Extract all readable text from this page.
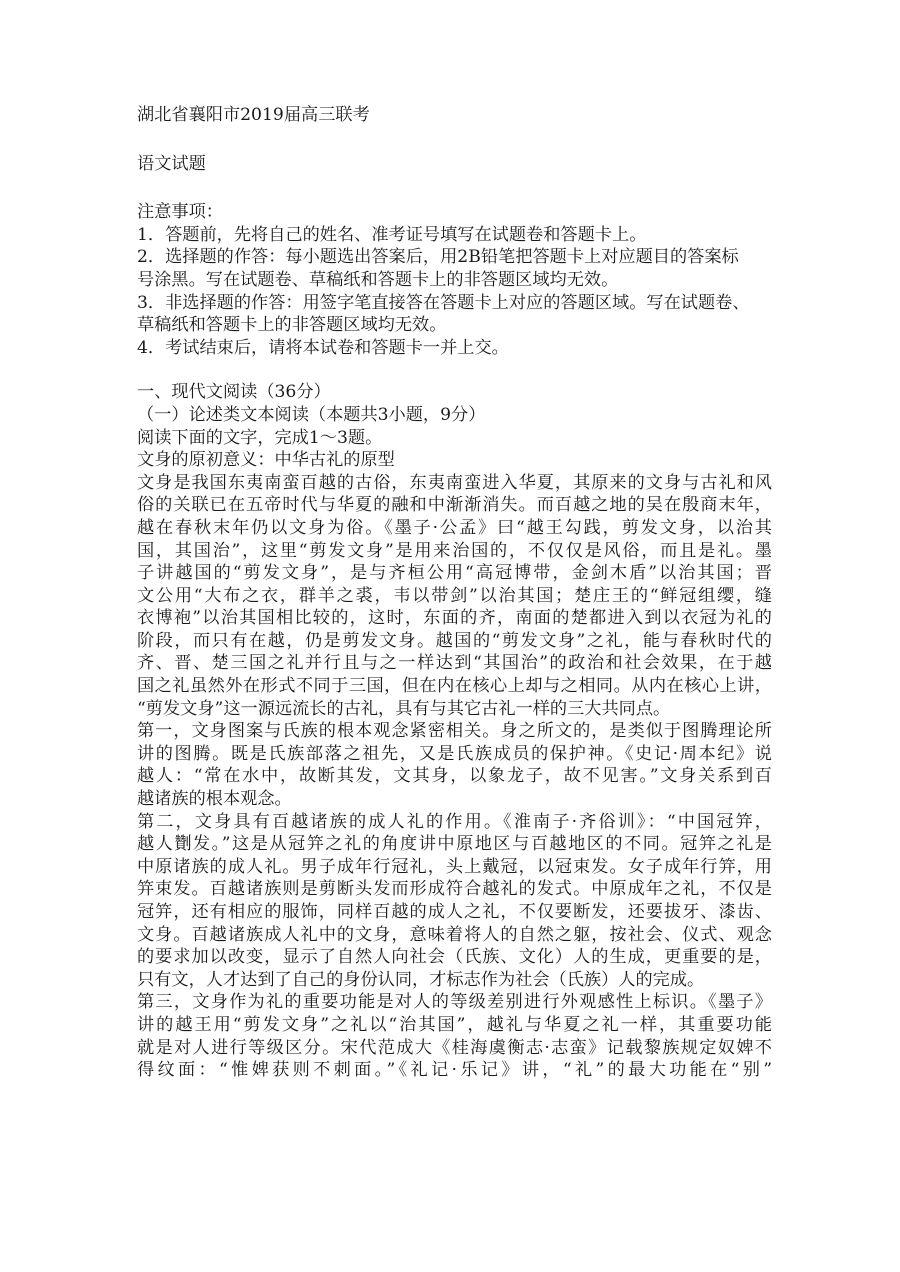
湖北省襄阳市2019届高三联考

语文试题

注意事项：

1．答题前，先将自己的姓名、准考证号填写在试题卷和答题卡上。

2．选择题的作答：每小题选出答案后，用2B铅笔把答题卡上对应题目的答案标

号涂黑。写在试题卷、草稿纸和答题卡上的非答题区域均无效。

3．非选择题的作答：用签字笔直接答在答题卡上对应的答题区域。写在试题卷、

草稿纸和答题卡上的非答题区域均无效。

4．考试结束后，请将本试卷和答题卡一并上交。

一、现代文阅读（36分）

（一）论述类文本阅读（本题共3小题，9分）

阅读下面的文字，完成1～3题。

文身的原初意义：中华古礼的原型

文身是我国东夷南蛮百越的古俗，东夷南蛮进入华夏，其原来的文身与古礼和风

俗的关联已在五帝时代与华夏的融和中渐渐消失。而百越之地的吴在殷商末年，

越在春秋末年仍以文身为俗。《墨子·公孟》曰“越王勾践，剪发文身，以治其

国，其国治”，这里“剪发文身”是用来治国的，不仅仅是风俗，而且是礼。墨

子讲越国的“剪发文身”，是与齐桓公用“高冠博带，金剑木盾”以治其国；晋

文公用“大布之衣，群羊之裘，韦以带剑”以治其国；楚庄王的“鲜冠组缨，缝

衣博袍”以治其国相比较的，这时，东面的齐，南面的楚都进入到以衣冠为礼的

阶段，而只有在越，仍是剪发文身。越国的“剪发文身”之礼，能与春秋时代的

齐、晋、楚三国之礼并行且与之一样达到“其国治”的政治和社会效果，在于越

国之礼虽然外在形式不同于三国，但在内在核心上却与之相同。从内在核心上讲，

“剪发文身”这一源远流长的古礼，具有与其它古礼一样的三大共同点。

第一，文身图案与氏族的根本观念紧密相关。身之所文的，是类似于图腾理论所

讲的图腾。既是氏族部落之祖先，又是氏族成员的保护神。《史记·周本纪》说

越人：“常在水中，故断其发，文其身，以象龙子，故不见害。”文身关系到百

越诸族的根本观念。

第二，文身具有百越诸族的成人礼的作用。《淮南子·齐俗训》：“中国冠笄，

越人劗发。”这是从冠笄之礼的角度讲中原地区与百越地区的不同。冠笄之礼是

中原诸族的成人礼。男子成年行冠礼，头上戴冠，以冠束发。女子成年行笄，用

笄束发。百越诸族则是剪断头发而形成符合越礼的发式。中原成年之礼，不仅是

冠笄，还有相应的服饰，同样百越的成人之礼，不仅要断发，还要拔牙、漆齿、

文身。百越诸族成人礼中的文身，意味着将人的自然之躯，按社会、仪式、观念

的要求加以改变，显示了自然人向社会（氏族、文化）人的生成，更重要的是，

只有文，人才达到了自己的身份认同，才标志作为社会（氏族）人的完成。

第三，文身作为礼的重要功能是对人的等级差别进行外观感性上标识。《墨子》

讲的越王用“剪发文身”之礼以“治其国”，越礼与华夏之礼一样，其重要功能

就是对人进行等级区分。宋代范成大《桂海虞衡志·志蛮》记载黎族规定奴婢不

得纹面：“惟婢获则不刺面。”《礼记·乐记》讲，“礼”的最大功能在“别”
